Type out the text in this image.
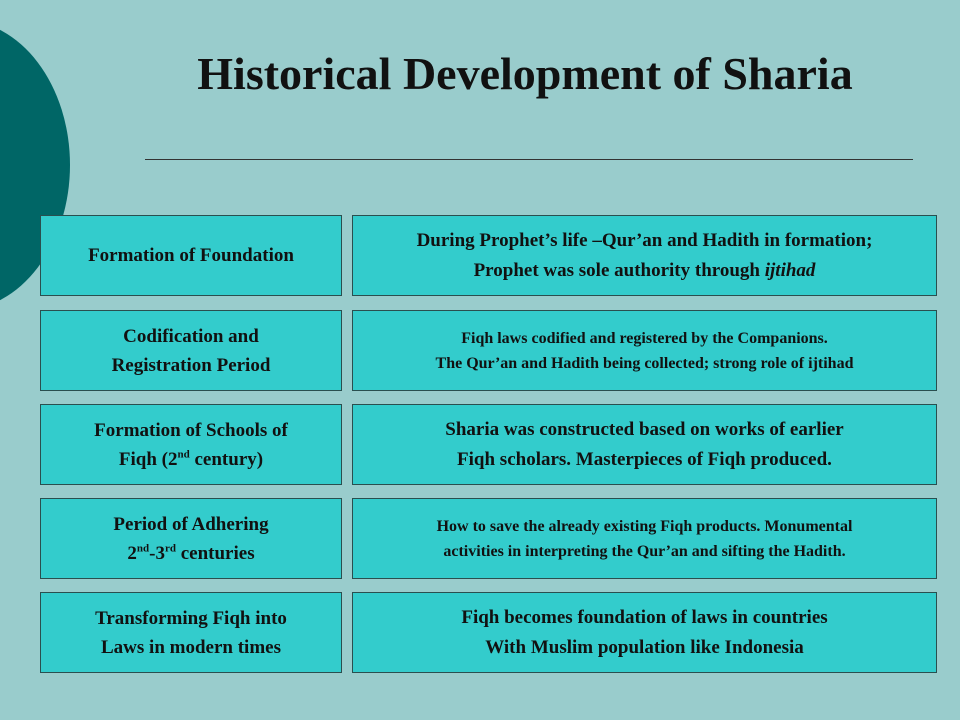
Historical Development of Sharia
Formation of Foundation
During Prophet’s life –Qur’an and Hadith in formation;
Prophet was sole authority through ijtihad
Codification and
Registration Period
Fiqh laws codified and registered by the Companions.
The Qur’an and Hadith being collected; strong role of ijtihad
Formation of Schools of
Fiqh (2nd century)
Sharia was constructed based on works of earlier
Fiqh scholars. Masterpieces of Fiqh produced.
Period of Adhering
2nd-3rd centuries
How to save the already existing Fiqh products. Monumental
activities in interpreting the Qur’an and sifting the Hadith.
Transforming Fiqh into
Laws in modern times
Fiqh becomes foundation of laws in countries
With Muslim population like Indonesia
